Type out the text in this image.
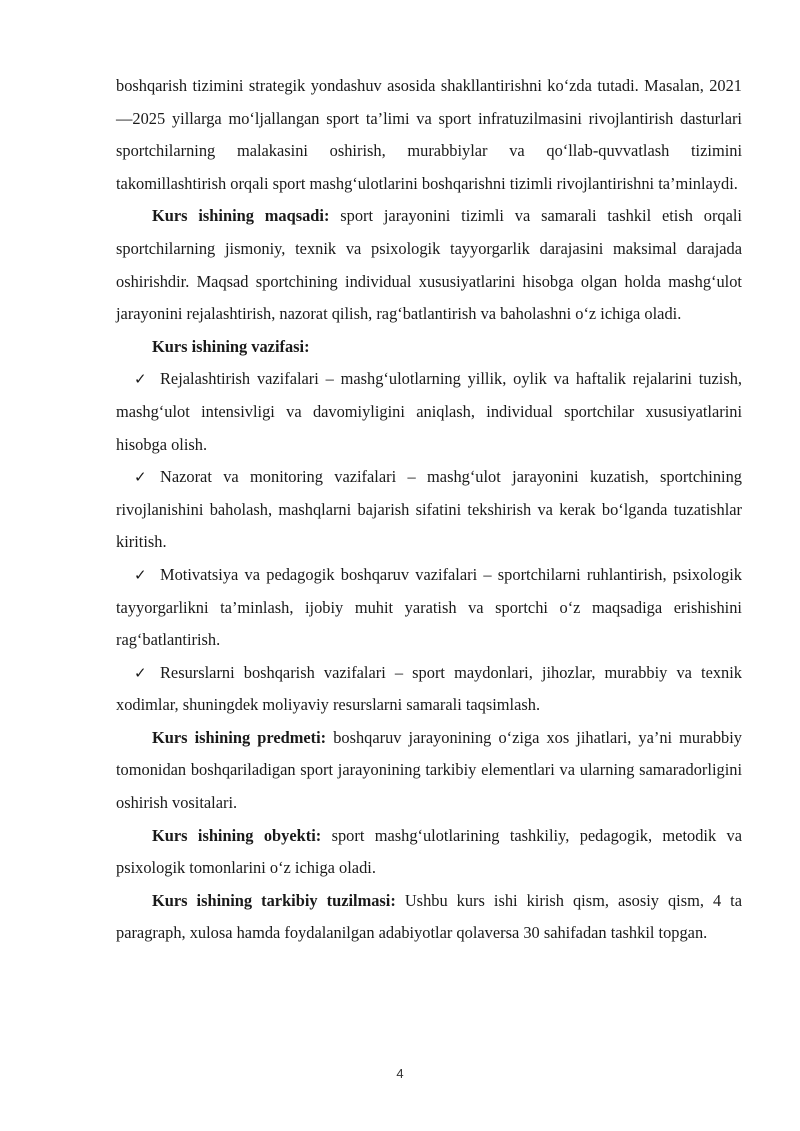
boshqarish tizimini strategik yondashuv asosida shakllantirishni ko‘zda tutadi. Masalan, 2021—2025 yillarga mo‘ljallangan sport ta’limi va sport infratuzilmasini rivojlantirish dasturlari sportchilarning malakasini oshirish, murabbiylar va qo‘llab-quvvatlash tizimini takomillashtirish orqali sport mashg‘ulotlarini boshqarishni tizimli rivojlantirishni ta’minlaydi.

Kurs ishining maqsadi: sport jarayonini tizimli va samarali tashkil etish orqali sportchilarning jismoniy, texnik va psixologik tayyorgarlik darajasini maksimal darajada oshirishdir. Maqsad sportchining individual xususiyatlarini hisobga olgan holda mashg‘ulot jarayonini rejalashtirish, nazorat qilish, rag‘batlantirish va baholashni o‘z ichiga oladi.

Kurs ishining vazifasi:

✓ Rejalashtirish vazifalari – mashg‘ulotlarning yillik, oylik va haftalik rejalarini tuzish, mashg‘ulot intensivligi va davomiyligini aniqlash, individual sportchilar xususiyatlarini hisobga olish.

✓ Nazorat va monitoring vazifalari – mashg‘ulot jarayonini kuzatish, sportchining rivojlanishini baholash, mashqlarni bajarish sifatini tekshirish va kerak bo‘lganda tuzatishlar kiritish.

✓ Motivatsiya va pedagogik boshqaruv vazifalari – sportchilarni ruhlantirish, psixologik tayyorgarlikni ta’minlash, ijobiy muhit yaratish va sportchi o‘z maqsadiga erishishini rag‘batlantirish.

✓ Resurslarni boshqarish vazifalari – sport maydonlari, jihozlar, murabbiy va texnik xodimlar, shuningdek moliyaviy resurslarni samarali taqsimlash.

Kurs ishining predmeti: boshqaruv jarayonining o‘ziga xos jihatlari, ya’ni murabbiy tomonidan boshqariladigan sport jarayonining tarkibiy elementlari va ularning samaradorligini oshirish vositalari.

Kurs ishining obyekti: sport mashg‘ulotlarining tashkiliy, pedagogik, metodik va psixologik tomonlarini o‘z ichiga oladi.

Kurs ishining tarkibiy tuzilmasi: Ushbu kurs ishi kirish qism, asosiy qism, 4 ta paragraph, xulosa hamda foydalanilgan adabiyotlar qolaversa 30 sahifadan tashkil topgan.

4
